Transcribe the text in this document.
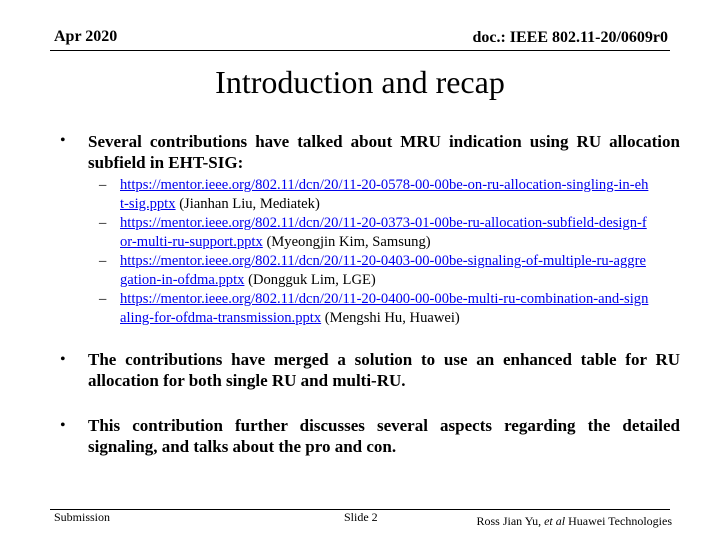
Apr 2020	doc.: IEEE 802.11-20/0609r0
Introduction and recap
• Several contributions have talked about MRU indication using RU allocation subfield in EHT-SIG:
– https://mentor.ieee.org/802.11/dcn/20/11-20-0578-00-00be-on-ru-allocation-singling-in-eht-sig.pptx (Jianhan Liu, Mediatek)
– https://mentor.ieee.org/802.11/dcn/20/11-20-0373-01-00be-ru-allocation-subfield-design-for-multi-ru-support.pptx (Myeongjin Kim, Samsung)
– https://mentor.ieee.org/802.11/dcn/20/11-20-0403-00-00be-signaling-of-multiple-ru-aggregation-in-ofdma.pptx (Dongguk Lim, LGE)
– https://mentor.ieee.org/802.11/dcn/20/11-20-0400-00-00be-multi-ru-combination-and-signaling-for-ofdma-transmission.pptx (Mengshi Hu, Huawei)
• The contributions have merged a solution to use an enhanced table for RU allocation for both single RU and multi-RU.
• This contribution further discusses several aspects regarding the detailed signaling, and talks about the pro and con.
Submission	Slide 2	Ross Jian Yu, et al Huawei Technologies
